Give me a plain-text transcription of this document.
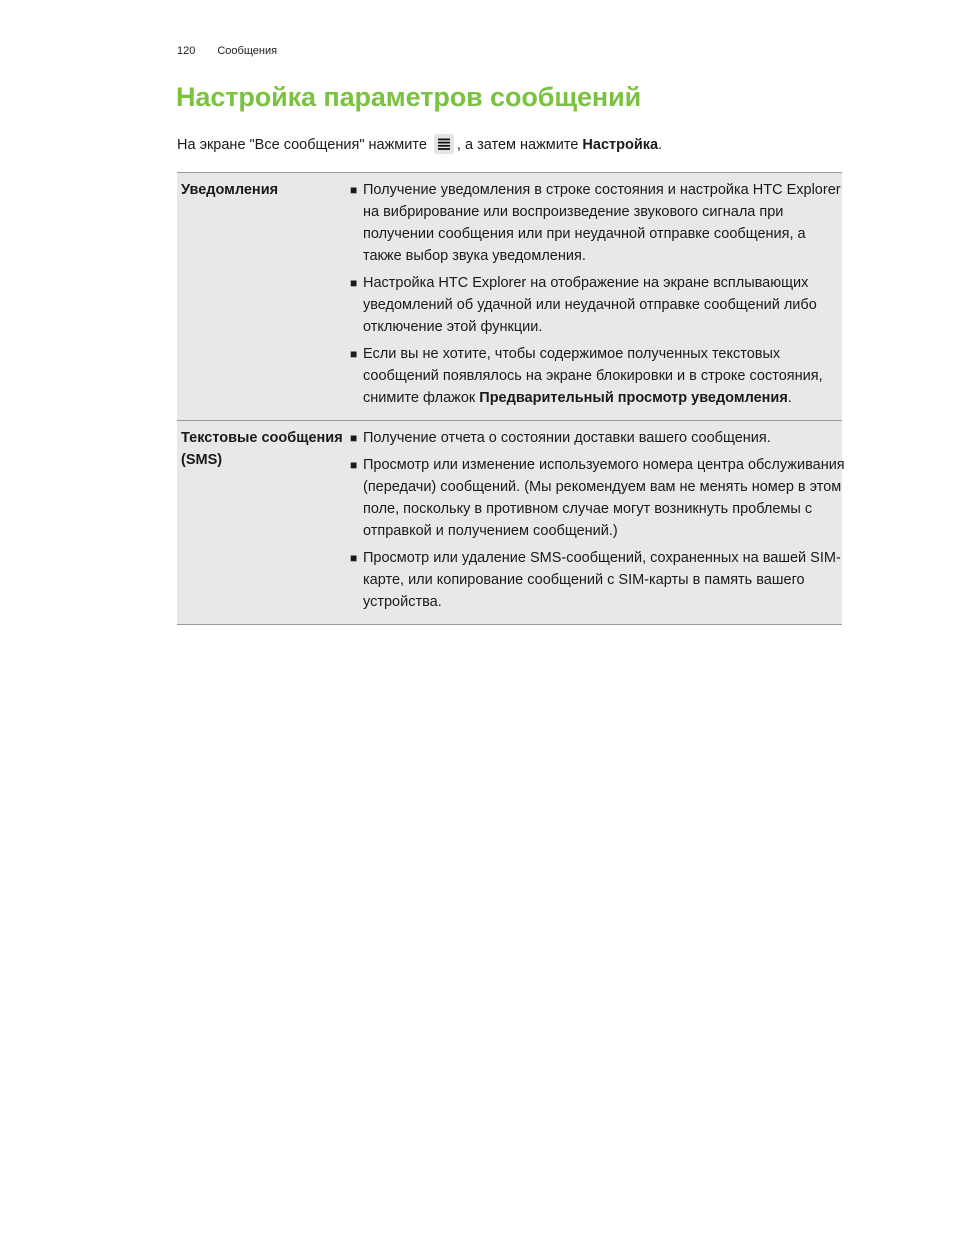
120 Сообщения
Настройка параметров сообщений
На экране "Все сообщения" нажмите
, а затем нажмите Настройка.
Уведомления	■ Получение уведомления в строке состояния и настройка HTC Explorer на вибрирование или воспроизведение звукового сигнала при получении сообщения или при неудачной отправке сообщения, а также выбор звука уведомления.
■ Настройка HTC Explorer на отображение на экране всплывающих уведомлений об удачной или неудачной отправке сообщений либо отключение этой функции.
■ Если вы не хотите, чтобы содержимое полученных текстовых сообщений появлялось на экране блокировки и в строке состояния, снимите флажок Предварительный просмотр уведомления.
Текстовые сообщения (SMS)
■ Получение отчета о состоянии доставки вашего сообщения.
■ Просмотр или изменение используемого номера центра обслуживания (передачи) сообщений. (Мы рекомендуем вам не менять номер в этом поле, поскольку в противном случае могут возникнуть проблемы с отправкой и получением сообщений.)
■ Просмотр или удаление SMS-сообщений, сохраненных на вашей SIM-карте, или копирование сообщений с SIM-карты в память вашего устройства.
